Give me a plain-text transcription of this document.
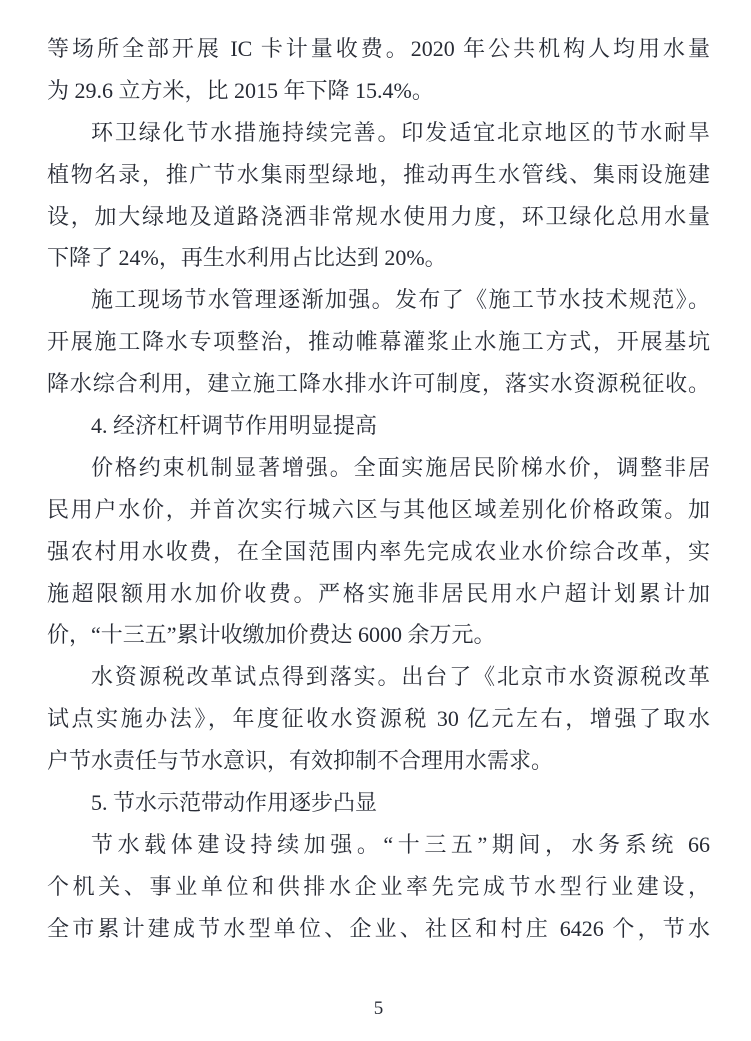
等场所全部开展 IC 卡计量收费。2020 年公共机构人均用水量
为 29.6 立方米，比 2015 年下降 15.4%。
环卫绿化节水措施持续完善。印发适宜北京地区的节水耐旱
植物名录，推广节水集雨型绿地，推动再生水管线、集雨设施建
设，加大绿地及道路浇洒非常规水使用力度，环卫绿化总用水量
下降了 24%，再生水利用占比达到 20%。
施工现场节水管理逐渐加强。发布了《施工节水技术规范》。
开展施工降水专项整治，推动帷幕灌浆止水施工方式，开展基坑
降水综合利用，建立施工降水排水许可制度，落实水资源税征收。
4. 经济杠杆调节作用明显提高
价格约束机制显著增强。全面实施居民阶梯水价，调整非居
民用户水价，并首次实行城六区与其他区域差别化价格政策。加
强农村用水收费，在全国范围内率先完成农业水价综合改革，实
施超限额用水加价收费。严格实施非居民用水户超计划累计加
价，“十三五”累计收缴加价费达 6000 余万元。
水资源税改革试点得到落实。出台了《北京市水资源税改革
试点实施办法》，年度征收水资源税 30 亿元左右，增强了取水
户节水责任与节水意识，有效抑制不合理用水需求。
5. 节水示范带动作用逐步凸显
节水载体建设持续加强。“十三五”期间，水务系统 66
个机关、事业单位和供排水企业率先完成节水型行业建设，
全市累计建成节水型单位、企业、社区和村庄 6426 个，节水
5
